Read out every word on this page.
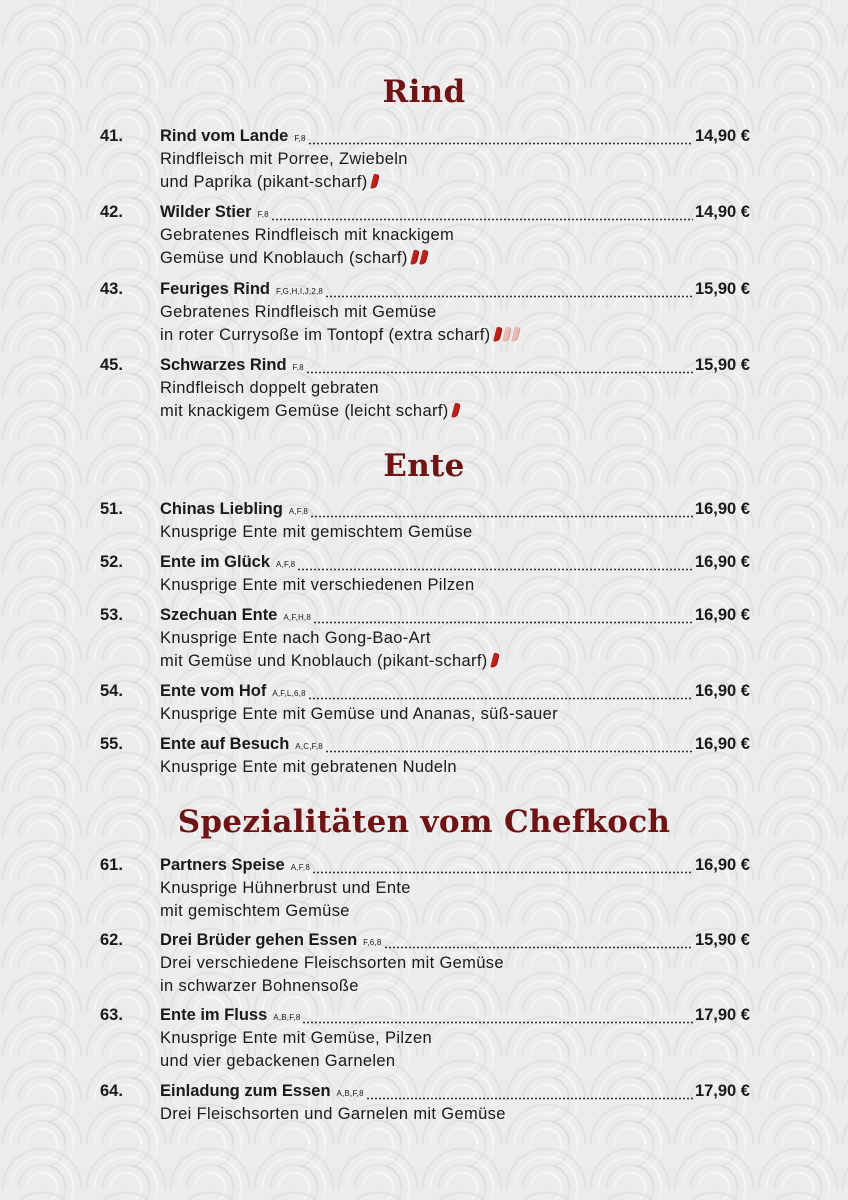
Rind
41. Rind vom Lande F,8	14,90 €
Rindfleisch mit Porree, Zwiebeln
und Paprika (pikant-scharf)
42. Wilder Stier F,8	14,90 €
Gebratenes Rindfleisch mit knackigem
Gemüse und Knoblauch (scharf)
43. Feuriges Rind F,G,H,I,J,2,8	15,90 €
Gebratenes Rindfleisch mit Gemüse
in roter Currysoße im Tontopf (extra scharf)
45. Schwarzes Rind F,8	15,90 €
Rindfleisch doppelt gebraten
mit knackigem Gemüse (leicht scharf)
Ente
51. Chinas Liebling A,F,8	16,90 €
Knusprige Ente mit gemischtem Gemüse
52. Ente im Glück A,F,8	16,90 €
Knusprige Ente mit verschiedenen Pilzen
53. Szechuan Ente A,F,H,8	16,90 €
Knusprige Ente nach Gong-Bao-Art
mit Gemüse und Knoblauch (pikant-scharf)
54. Ente vom Hof A,F,L,6,8	16,90 €
Knusprige Ente mit Gemüse und Ananas, süß-sauer
55. Ente auf Besuch A,C,F,8	16,90 €
Knusprige Ente mit gebratenen Nudeln
Spezialitäten vom Chefkoch
61. Partners Speise A,F,8	16,90 €
Knusprige Hühnerbrust und Ente
mit gemischtem Gemüse
62. Drei Brüder gehen Essen F,6,8	15,90 €
Drei verschiedene Fleischsorten mit Gemüse
in schwarzer Bohnensoße
63. Ente im Fluss A,B,F,8	17,90 €
Knusprige Ente mit Gemüse, Pilzen
und vier gebackenen Garnelen
64. Einladung zum Essen A,B,F,8	17,90 €
Drei Fleischsorten und Garnelen mit Gemüse
